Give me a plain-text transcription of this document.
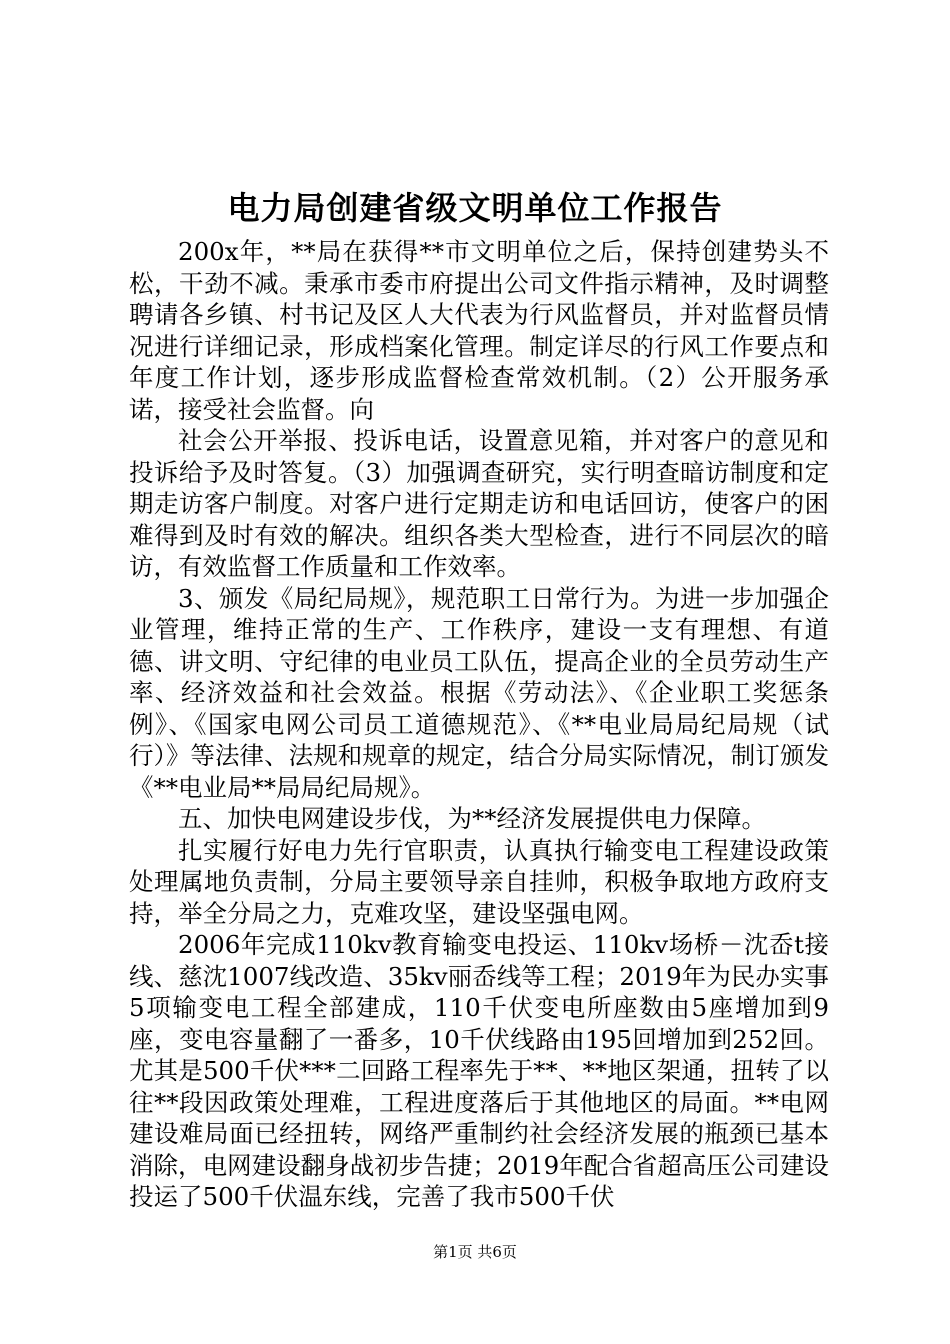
电力局创建省级文明单位工作报告

200x年，**局在获得**市文明单位之后，保持创建势头不松，干劲不减。秉承市委市府提出公司文件指示精神，及时调整聘请各乡镇、村书记及区人大代表为行风监督员，并对监督员情况进行详细记录，形成档案化管理。制定详尽的行风工作要点和年度工作计划，逐步形成监督检查常效机制。（2）公开服务承诺，接受社会监督。向

社会公开举报、投诉电话，设置意见箱，并对客户的意见和投诉给予及时答复。（3）加强调查研究，实行明查暗访制度和定期走访客户制度。对客户进行定期走访和电话回访，使客户的困难得到及时有效的解决。组织各类大型检查，进行不同层次的暗访，有效监督工作质量和工作效率。

3、颁发《局纪局规》，规范职工日常行为。为进一步加强企业管理，维持正常的生产、工作秩序，建设一支有理想、有道德、讲文明、守纪律的电业员工队伍，提高企业的全员劳动生产率、经济效益和社会效益。根据《劳动法》、《企业职工奖惩条例》、《国家电网公司员工道德规范》、《**电业局局纪局规（试行）》等法律、法规和规章的规定，结合分局实际情况，制订颁发《**电业局**局局纪局规》。

五、加快电网建设步伐，为**经济发展提供电力保障。

扎实履行好电力先行官职责，认真执行输变电工程建设政策处理属地负责制，分局主要领导亲自挂帅，积极争取地方政府支持，举全分局之力，克难攻坚，建设坚强电网。

2006年完成110kv教育输变电投运、110kv场桥－沈岙t接线、慈沈1007线改造、35kv丽岙线等工程；2019年为民办实事5项输变电工程全部建成，110千伏变电所座数由5座增加到9座，变电容量翻了一番多，10千伏线路由195回增加到252回。尤其是500千伏***二回路工程率先于**、**地区架通，扭转了以往**段因政策处理难，工程进度落后于其他地区的局面。**电网建设难局面已经扭转，网络严重制约社会经济发展的瓶颈已基本消除，电网建设翻身战初步告捷；2019年配合省超高压公司建设投运了500千伏温东线，完善了我市500千伏

第1页 共6页
